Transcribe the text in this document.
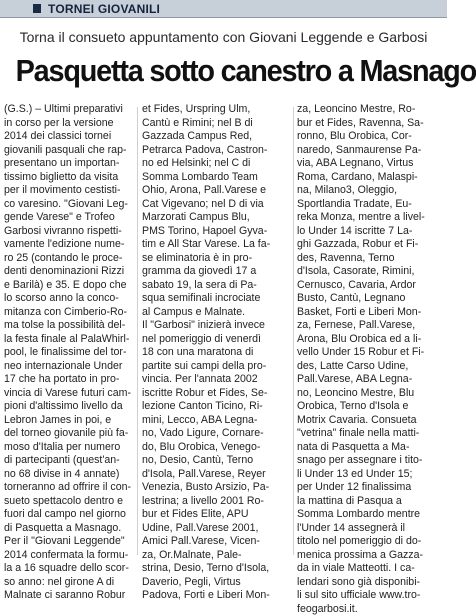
TORNEI GIOVANILI
Torna il consueto appuntamento con Giovani Leggende e Garbosi
Pasquetta sotto canestro a Masnago
(G.S.) – Ultimi preparativi
in corso per la versione
2014 dei classici tornei
giovanili pasquali che rap-
presentano un importan-
tissimo biglietto da visita
per il movimento cestisti-
co varesino. "Giovani Leg-
gende Varese" e Trofeo
Garbosi vivranno rispetti-
vamente l'edizione nume-
ro 25 (contando le proce-
denti denominazioni Rizzi
e Barilà) e 35. E dopo che
lo scorso anno la conco-
mitanza con Cimberio-Ro-
ma tolse la possibilità del-
la festa finale al PalaWhirl-
pool, le finalissime del tor-
neo internazionale Under
17 che ha portato in pro-
vincia di Varese futuri cam-
pioni d'altissimo livello da
Lebron James in poi, e
del torneo giovanile più fa-
moso d'Italia per numero
di partecipanti (quest'an-
no 68 divise in 4 annate)
torneranno ad offrire il con-
sueto spettacolo dentro e
fuori dal campo nel giorno
di Pasquetta a Masnago.
Per il "Giovani Leggende"
2014 confermata la formu-
la a 16 squadre dello scor-
so anno: nel girone A di
Malnate ci saranno Robur
et Fides, Urspring Ulm,
Cantù e Rimini; nel B di
Gazzada Campus Red,
Petrarca Padova, Castron-
no ed Helsinki; nel C di
Somma Lombardo Team
Ohio, Arona, Pall.Varese e
Cat Vigevano; nel D di via
Marzorati Campus Blu,
PMS Torino, Hapoel Gyva-
tim e All Star Varese. La fa-
se eliminatoria è in pro-
gramma da giovedì 17 a
sabato 19, la sera di Pa-
squa semifinali incrociate
al Campus e Malnate.
Il "Garbosi" inizierà invece
nel pomeriggio di venerdì
18 con una maratona di
partite sui campi della pro-
vincia. Per l'annata 2002
iscritte Robur et Fides, Se-
lezione Canton Ticino, Ri-
mini, Lecco, ABA Legna-
no, Vado Ligure, Cornare-
do, Blu Orobica, Venego-
no, Desio, Cantù, Terno
d'Isola, Pall.Varese, Reyer
Venezia, Busto Arsizio, Pa-
lestrina; a livello 2001 Ro-
bur et Fides Elite, APU
Udine, Pall.Varese 2001,
Amici Pall.Varese, Vicen-
za, Or.Malnate, Pale-
strina, Desio, Terno d'Isola,
Daverio, Pegli, Virtus
Padova, Forti e Liberi Mon-
za, Leoncino Mestre, Ro-
bur et Fides, Ravenna, Sa-
ronno, Blu Orobica, Cor-
naredo, Sanmaurense Pa-
via, ABA Legnano, Virtus
Roma, Cardano, Malaspi-
na, Milano3, Oleggio,
Sportlandia Tradate, Eu-
reka Monza, mentre a livel-
lo Under 14 iscritte 7 La-
ghi Gazzada, Robur et Fi-
des, Ravenna, Terno
d'Isola, Casorate, Rimini,
Cernusco, Cavaria, Ardor
Busto, Cantù, Legnano
Basket, Forti e Liberi Mon-
za, Fernese, Pall.Varese,
Arona, Blu Orobica ed a li-
vello Under 15 Robur et Fi-
des, Latte Carso Udine,
Pall.Varese, ABA Legna-
no, Leoncino Mestre, Blu
Orobica, Terno d'Isola e
Motrix Cavaria. Consueta
"vetrina" finale nella matti-
nata di Pasquetta a Ma-
snago per assegnare i tito-
li Under 13 ed Under 15;
per Under 12 finalissima
la mattina di Pasqua a
Somma Lombardo mentre
l'Under 14 assegnerà il
titolo nel pomeriggio di do-
menica prossima a Gazza-
da in viale Matteotti. I ca-
lendari sono già disponibi-
li sul sito ufficiale www.tro-
feogarbosi.it.
